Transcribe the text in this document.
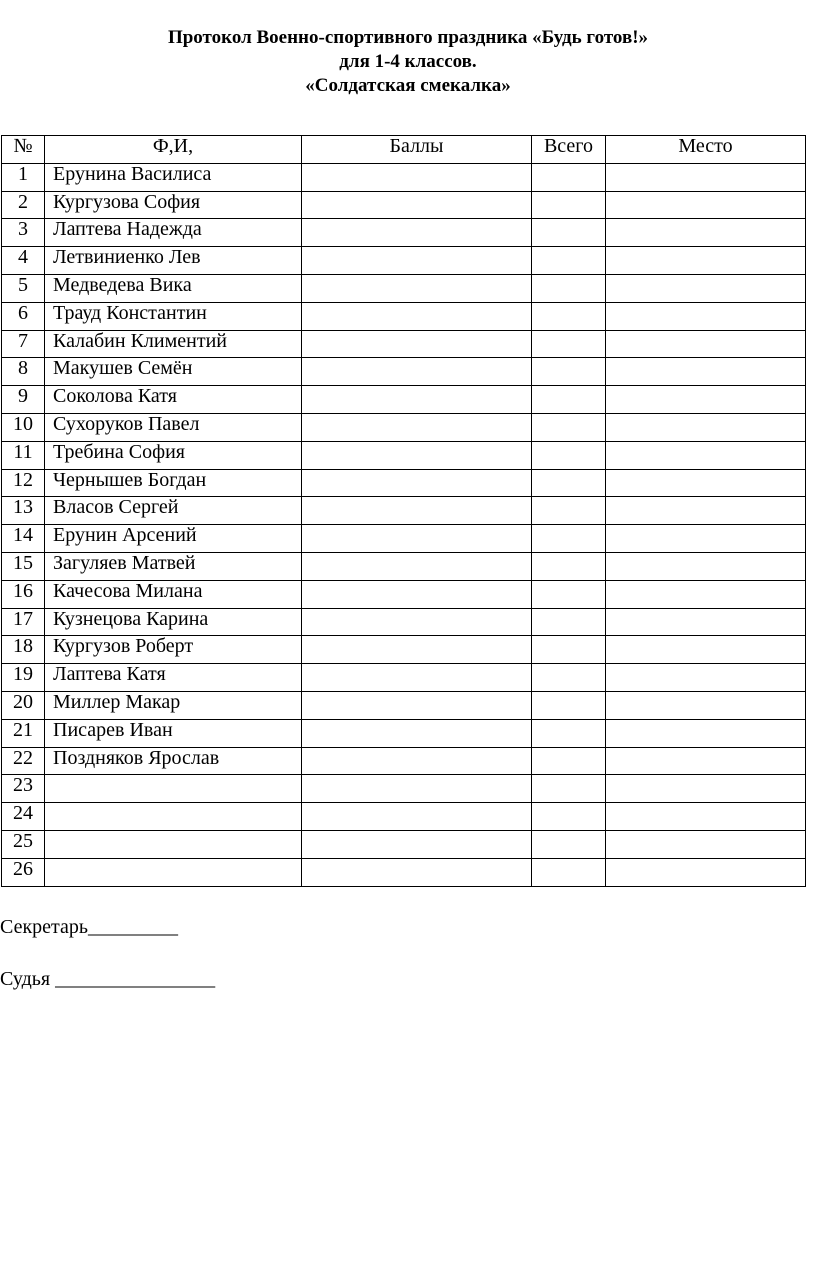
Протокол Военно-спортивного праздника «Будь готов!»
для 1-4 классов.
«Солдатская смекалка»
№	Ф,И,	Баллы	Всего	Место
1	Ерунина Василиса			
2	Кургузова София			
3	Лаптева Надежда			
4	Летвиниенко Лев			
5	Медведева Вика			
6	Трауд Константин			
7	Калабин Климентий			
8	Макушев Семён			
9	Соколова Катя			
10	Сухоруков Павел			
11	Требина София			
12	Чернышев Богдан			
13	Власов Сергей			
14	Ерунин Арсений			
15	Загуляев Матвей			
16	Качесова Милана			
17	Кузнецова Карина			
18	Кургузов Роберт			
19	Лаптева Катя			
20	Миллер Макар			
21	Писарев Иван			
22	Поздняков Ярослав			
23				
24				
25				
26				
Секретарь_________
Судья ________________
